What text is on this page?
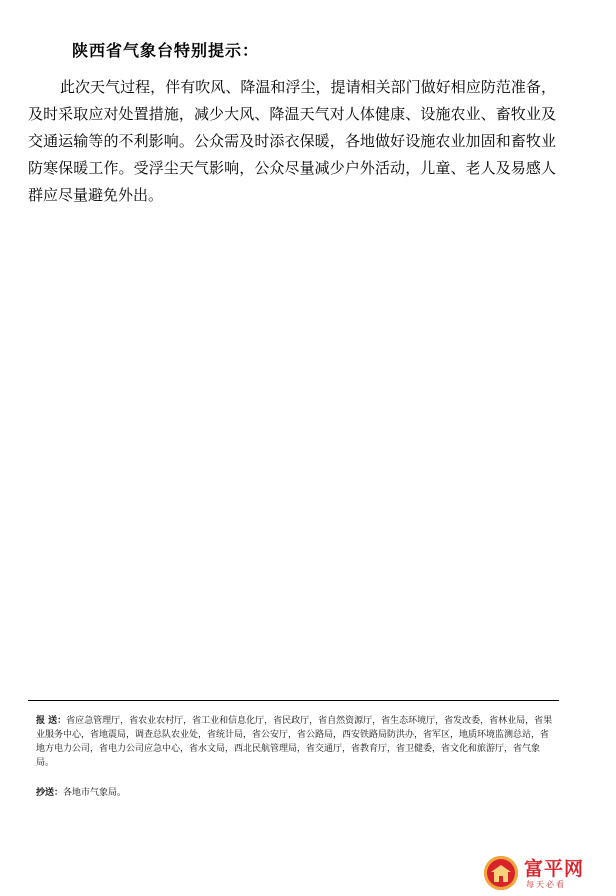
陕西省气象台特别提示：

此次天气过程，伴有吹风、降温和浮尘，提请相关部门做好相应防范准备，及时采取应对处置措施，减少大风、降温天气对人体健康、设施农业、畜牧业及交通运输等的不利影响。公众需及时添衣保暖，各地做好设施农业加固和畜牧业防寒保暖工作。受浮尘天气影响，公众尽量减少户外活动，儿童、老人及易感人群应尽量避免外出。

报 送：省应急管理厅，省农业农村厅，省工业和信息化厅，省民政厅，省自然资源厅，省生态环境厅，省发改委，省林业局，省果业服务中心，省地震局，调查总队农业处，省统计局，省公安厅，省公路局，西安铁路局防洪办，省军区，地质环境监测总站，省地方电力公司，省电力公司应急中心，省水文局，西北民航管理局，省交通厅，省教育厅，省卫健委，省文化和旅游厅，省气象局。

抄送：各地市气象局。
富平网
每天必看
